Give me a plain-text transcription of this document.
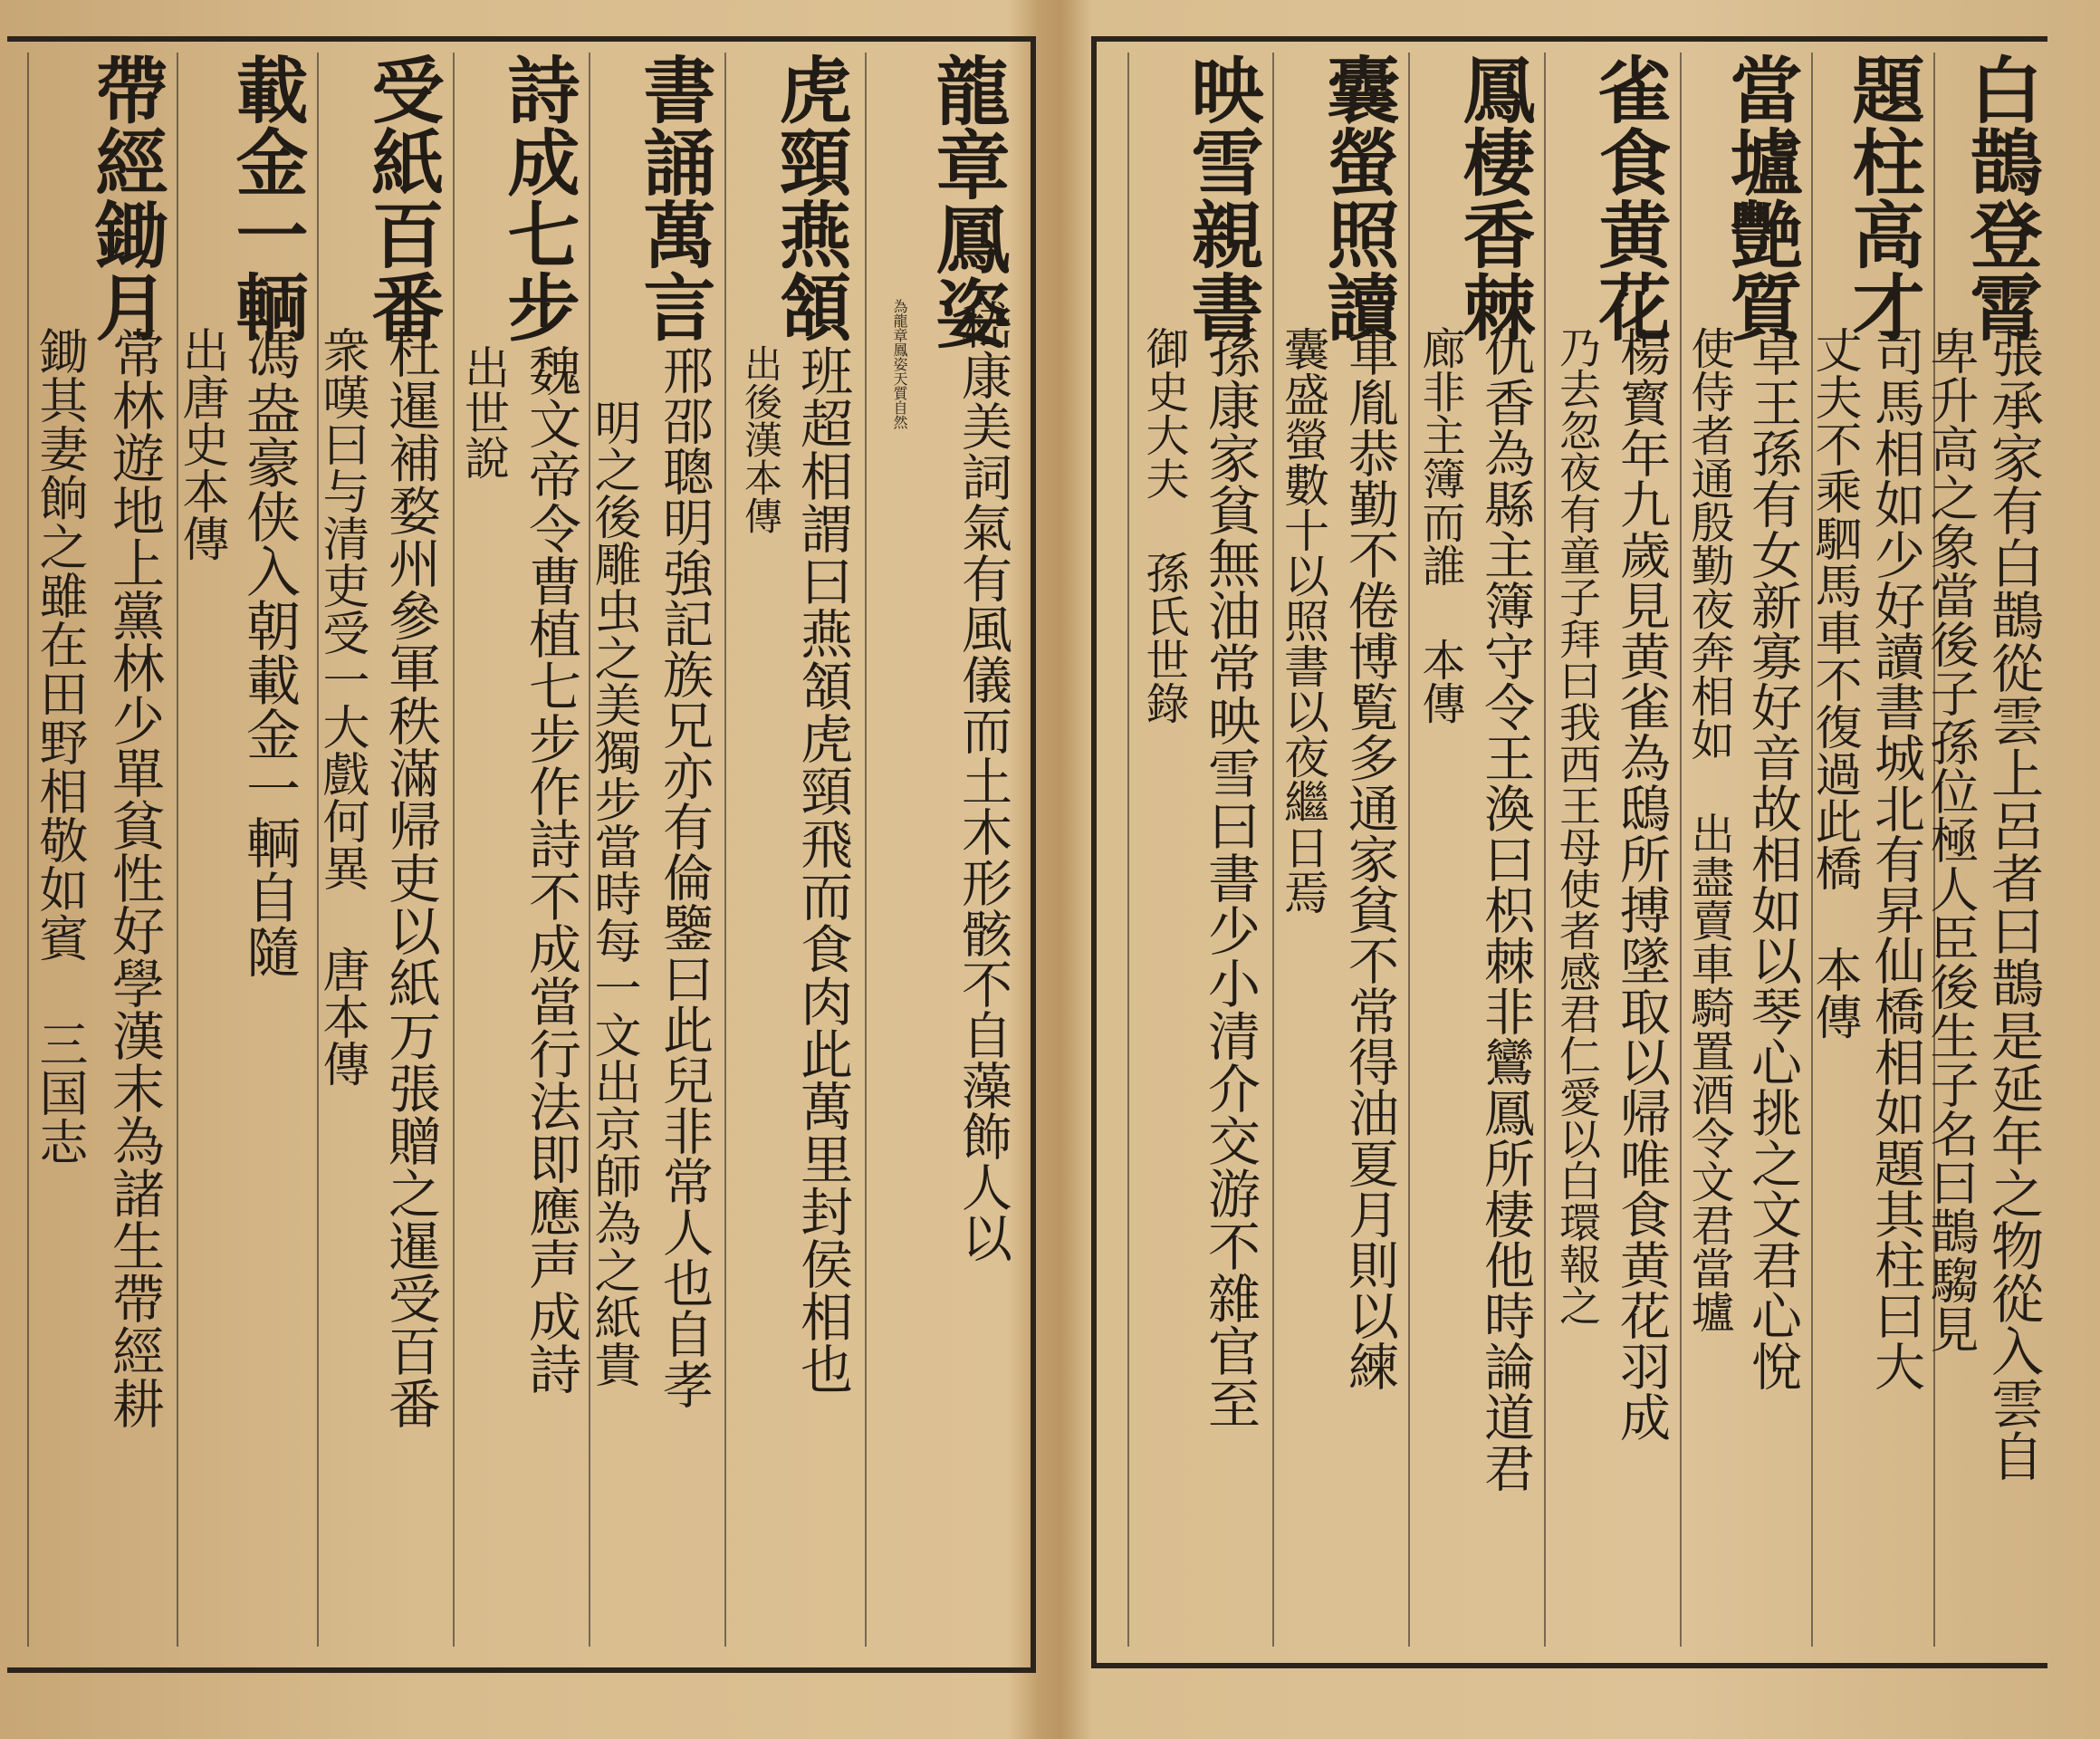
龍章鳳姿
嵇康美詞氣有風儀而土木形骸不自藻飾人以
為龍章鳳姿天質自然
虎頸燕頷
班超相謂曰燕頷虎頸飛而食肉此萬里封侯相也
出後漢本傳
書誦萬言
邢邵聰明強記族兄亦有倫鑒曰此兒非常人也自孝
明之後雕虫之美獨步當時每一文出京師為之紙貴
詩成七步
魏文帝令曹植七步作詩不成當行法即應声成詩
出世說
受紙百番
杜暹補婺州參軍秩滿帰吏以紙万張贈之暹受百番
衆嘆曰与清吏受一大戲何異 唐本傳
載金一輌
馮盎豪侠入朝載金一輌自隨
出唐史本傳
帶經鋤月
常林遊地上黨林少單貧性好學漢末為諸生帶經耕
鋤其妻餉之雖在田野相敬如賓 三国志
白鵲登霄
張承家有白鵲從雲上呂者曰鵲是延年之物從入雲自
卑升高之象當後子孫位極人臣後生子名曰鵲騶見
題柱高才
司馬相如少好讀書城北有昇仙橋相如題其柱曰大
丈夫不乘駟馬車不復過此橋 本傳
當壚艷質
卓王孫有女新寡好音故相如以琴心挑之文君心悅
使侍者通殷勤夜奔相如 出盡賣車騎置酒令文君當壚
雀食黄花
楊寳年九歲見黄雀為鴟所搏墜取以帰唯食黄花羽成
乃去忽夜有童子拜曰我西王母使者感君仁愛以白環報之
鳳棲香棘
仇香為縣主簿守令王渙曰枳棘非鸞鳳所棲他時論道君
廊非主簿而誰 本傳
囊螢照讀
車胤恭勤不倦博覧多通家貧不常得油夏月則以練
囊盛螢數十以照書以夜繼日焉
映雪親書
孫康家貧無油常映雪曰書少小清介交游不雜官至
御史大夫 孫氏世錄
